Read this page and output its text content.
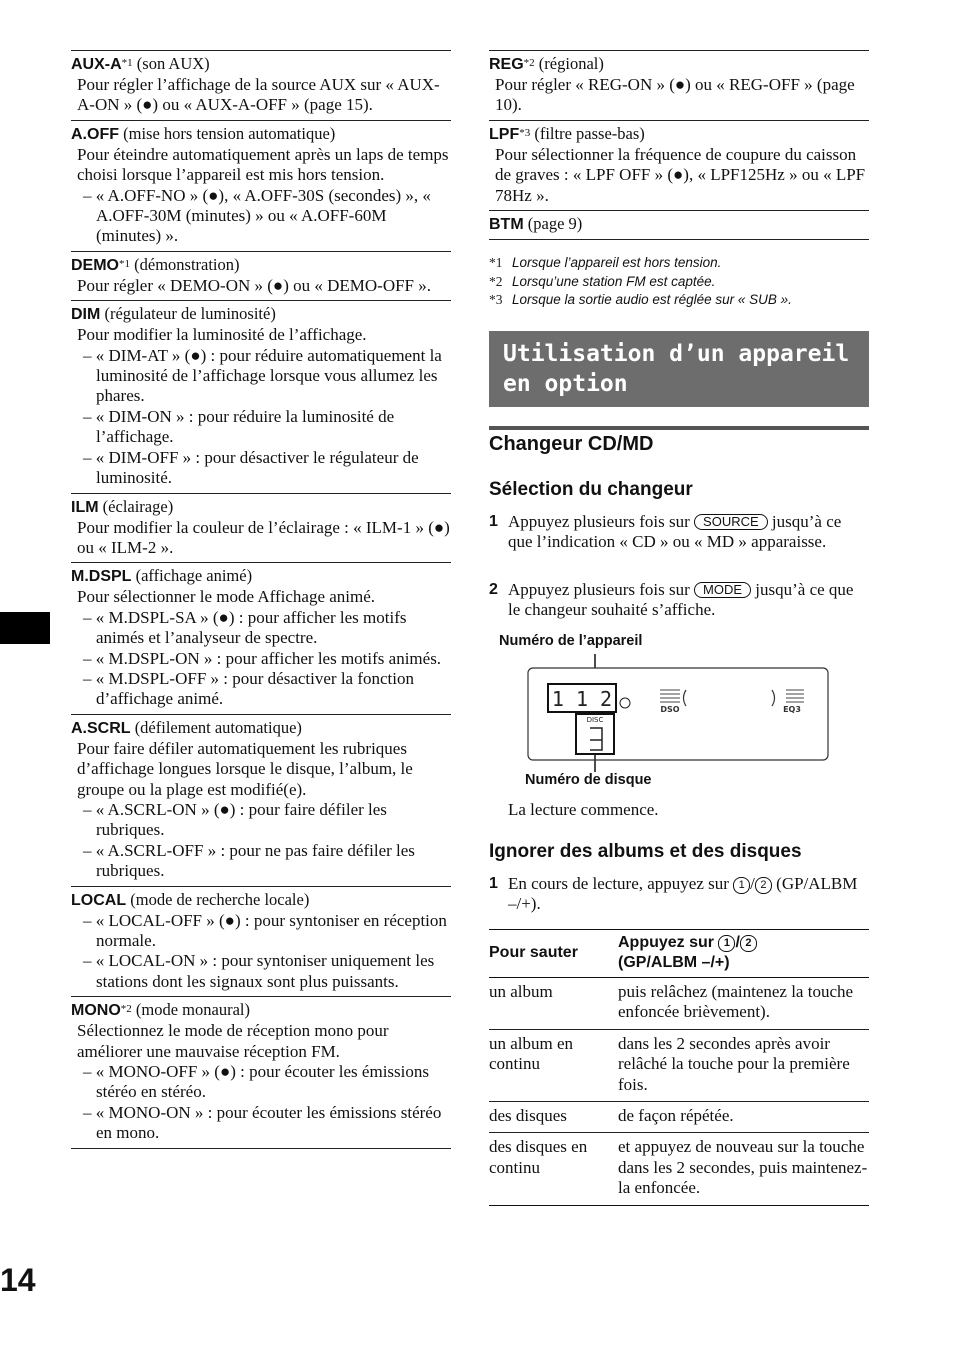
AUX-$A^{*1}$ (son AUX)
Pour régler l’affichage de la source AUX sur « AUX-A-ON » (●) ou « AUX-A-OFF » (page 15).
A.OFF (mise hors tension automatique)
Pour éteindre automatiquement après un laps de temps choisi lorsque l’appareil est mis hors tension.
– « A.OFF-NO » (●), « A.OFF-30S (secondes) », « A.OFF-30M (minutes) » ou « A.OFF-60M (minutes) ».
DEMO$^{*1}$ (démonstration)
Pour régler « DEMO-ON » (●) ou « DEMO-OFF ».
DIM (régulateur de luminosité)
Pour modifier la luminosité de l’affichage.
– « DIM-AT » (●) : pour réduire automatiquement la luminosité de l’affichage lorsque vous allumez les phares.
– « DIM-ON » : pour réduire la luminosité de l’affichage.
– « DIM-OFF » : pour désactiver le régulateur de luminosité.
ILM (éclairage)
Pour modifier la couleur de l’éclairage : « ILM-1 » (●) ou « ILM-2 ».
M.DSPL (affichage animé)
Pour sélectionner le mode Affichage animé.
– « M.DSPL-SA » (●) : pour afficher les motifs animés et l’analyseur de spectre.
– « M.DSPL-ON » : pour afficher les motifs animés.
– « M.DSPL-OFF » : pour désactiver la fonction d’affichage animé.
A.SCRL (défilement automatique)
Pour faire défiler automatiquement les rubriques d’affichage longues lorsque le disque, l’album, le groupe ou la plage est modifié(e).
– « A.SCRL-ON » (●) : pour faire défiler les rubriques.
– « A.SCRL-OFF » : pour ne pas faire défiler les rubriques.
LOCAL (mode de recherche locale)
– « LOCAL-OFF » (●) : pour syntoniser en réception normale.
– « LOCAL-ON » : pour syntoniser uniquement les stations dont les signaux sont plus puissants.
MONO$^{*2}$ (mode monaural)
Sélectionnez le mode de réception mono pour améliorer une mauvaise réception FM.
– « MONO-OFF » (●) : pour écouter les émissions stéréo en stéréo.
– « MONO-ON » : pour écouter les émissions stéréo en mono.
REG$^{*2}$ (régional)
Pour régler « REG-ON » (●) ou « REG-OFF » (page 10).
LPF$^{*3}$ (filtre passe-bas)
Pour sélectionner la fréquence de coupure du caisson de graves : « LPF OFF » (●), « LPF125Hz » ou « LPF 78Hz ».
BTM (page 9)
*1 Lorsque l’appareil est hors tension.
*2 Lorsqu’une station FM est captée.
*3 Lorsque la sortie audio est réglée sur « SUB ».
Utilisation d’un appareil en option
Changeur CD/MD
Sélection du changeur
1 Appuyez plusieurs fois sur SOURCE jusqu’à ce que l’indication « CD » ou « MD » apparaisse.
2 Appuyez plusieurs fois sur MODE jusqu’à ce que le changeur souhaité s’affiche.
Numéro de l’appareil
Numéro de disque
1 1 2
DISC
DSO	EQ3
La lecture commence.
Ignorer des albums et des disques
1 En cours de lecture, appuyez sur 1 / 2 (GP/ALBM –/+).
Pour sauter	Appuyez sur 1 / 2
(GP/ALBM –/+)
un album	puis relâchez (maintenez la touche enfoncée brièvement).
un album en continu	dans les 2 secondes après avoir relâché la touche pour la première fois.
des disques	de façon répétée.
des disques en continu	et appuyez de nouveau sur la touche dans les 2 secondes, puis maintenez-la enfoncée.
14
